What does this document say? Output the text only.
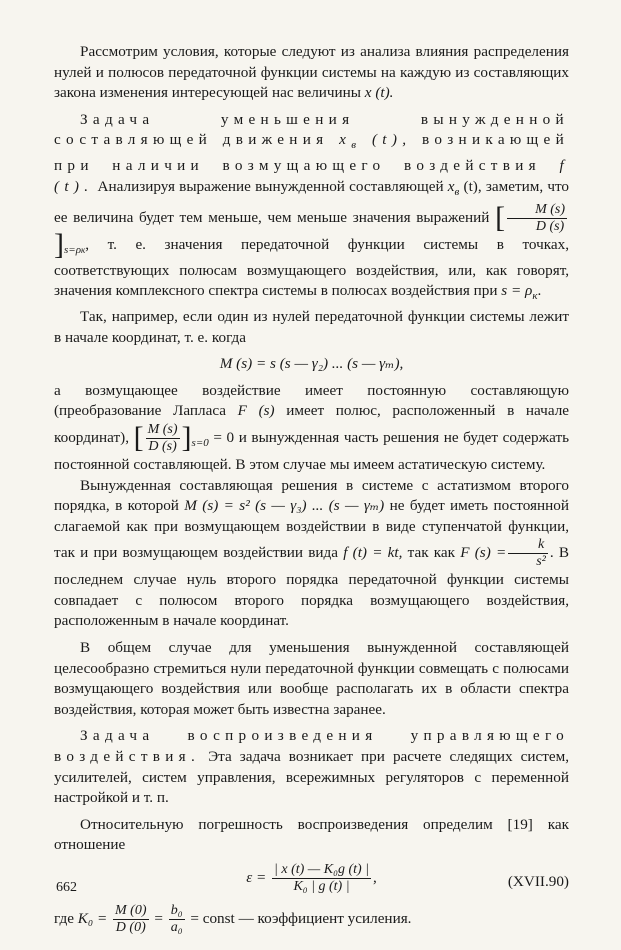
Рассмотрим условия, которые следуют из анализа влияния распределения нулей и полюсов передаточной функции системы на каждую из составляющих закона изменения интересующей нас величины x (t).

Задача уменьшения вынужденной составляющей движения $x_в$ (t), возникающей при наличии возмущающего воздействия f (t). Анализируя выражение вынужденной составляющей $x_в$ (t), заметим, что ее величина будет тем меньше, чем меньше значения выражений [ $\frac{M (s)}{D (s)}$
]$_{s=\rho к}$, т. е. значения передаточной функции системы в точках, соответствующих полюсам возмущающего воздействия, или, как говорят, значения комплексного спектра системы в полюсах воздействия при $s = \rho_к$.

Так, например, если один из нулей передаточной функции системы лежит в начале координат, т. е. когда

M (s) = s (s — γ₂) ... (s — γₘ),

а возмущающее воздействие имеет постоянную составляющую (преобразование Лапласа F (s) имеет полюс, расположенный в начале координат), [ $\frac{M (s)}{D (s)} ]_{s=0} = 0$ и вынужденная часть решения не будет содержать постоянной составляющей. В этом случае мы имеем астатическую систему.

Вынужденная составляющая решения в системе с астатизмом второго порядка, в которой M (s) = s² (s — γ₃) ... (s — γₘ) не будет иметь постоянной слагаемой как при возмущающем воздействии в виде ступенчатой функции, так и при возмущающем воздействии вида f (t) = kt, так как F $(s) = \frac{k}{\text{s²}}$ . В последнем случае нуль второго порядка передаточной функции системы совпадает с полюсом второго порядка возмущающего воздействия, расположенным в начале координат.

В общем случае для уменьшения вынужденной составляющей целесообразно стремиться нули передаточной функции совмещать с полюсами возмущающего воздействия или вообще располагать их в области спектра воздействия, которая может быть известна заранее.

Задача воспроизведения управляющего воздействия. Эта задача возникает при расчете следящих систем, усилителей, систем управления, всережимных регуляторов с переменной настройкой и т. п.

Относительную погрешность воспроизведения определим [19] как отношение

$\varepsilon = \frac{\text{| x (t) — K₀g (t) |}}{\text{K₀ | g (t) |}}$ ,	(XVII.90)

где $K_0 = \frac{M (0)}{D (0)} = \frac{\text{b₀}}{\text{a₀}}$ = const — коэффициент усиления.

662
